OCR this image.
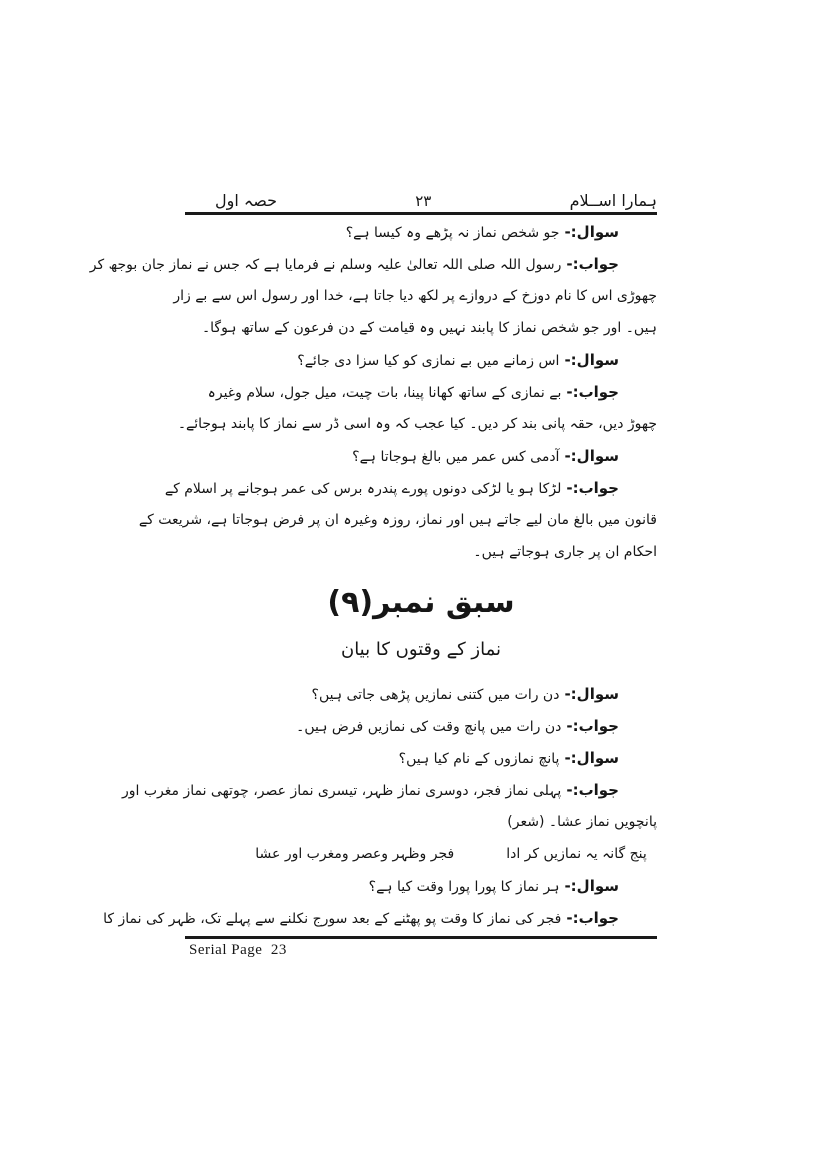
ہمارا اســلام
۲۳
حصہ اول
سوال:-جو شخص نماز نہ پڑھے وہ کیسا ہے؟
جواب:-رسول اللہ صلی اللہ تعالیٰ علیہ وسلم نے فرمایا ہے کہ جس نے نماز جان بوجھ کر
چھوڑی اس کا نام دوزخ کے دروازے پر لکھ دیا جاتا ہے، خدا اور رسول اس سے بے زار
ہیں۔ اور جو شخص نماز کا پابند نہیں وہ قیامت کے دن فرعون کے ساتھ ہوگا۔
سوال:-اس زمانے میں بے نمازی کو کیا سزا دی جائے؟
جواب:-بے نمازی کے ساتھ کھانا پینا، بات چیت، میل جول، سلام وغیرہ
چھوڑ دیں، حقہ پانی بند کر دیں۔ کیا عجب کہ وہ اسی ڈر سے نماز کا پابند ہوجائے۔
سوال:-آدمی کس عمر میں بالغ ہوجاتا ہے؟
جواب:-لڑکا ہو یا لڑکی دونوں پورے پندرہ برس کی عمر ہوجانے پر اسلام کے
قانون میں بالغ مان لیے جاتے ہیں اور نماز، روزہ وغیرہ ان پر فرض ہوجاتا ہے، شریعت کے
احکام ان پر جاری ہوجاتے ہیں۔
سبق نمبر(۹)
نماز کے وقتوں کا بیان
سوال:-دن رات میں کتنی نمازیں پڑھی جاتی ہیں؟
جواب:-دن رات میں پانچ وقت کی نمازیں فرض ہیں۔
سوال:-پانچ نمازوں کے نام کیا ہیں؟
جواب:-پہلی نماز فجر، دوسری نماز ظہر، تیسری نماز عصر، چوتھی نماز مغرب اور
پانچویں نماز عشا۔ (شعر)
پنج گانہ یہ نمازیں کر ادا
فجر وظہر وعصر ومغرب اور عشا
سوال:-ہر نماز کا پورا پورا وقت کیا ہے؟
جواب:-فجر کی نماز کا وقت پو پھٹنے کے بعد سورج نکلنے سے پہلے تک، ظہر کی نماز کا
Serial Page  23
